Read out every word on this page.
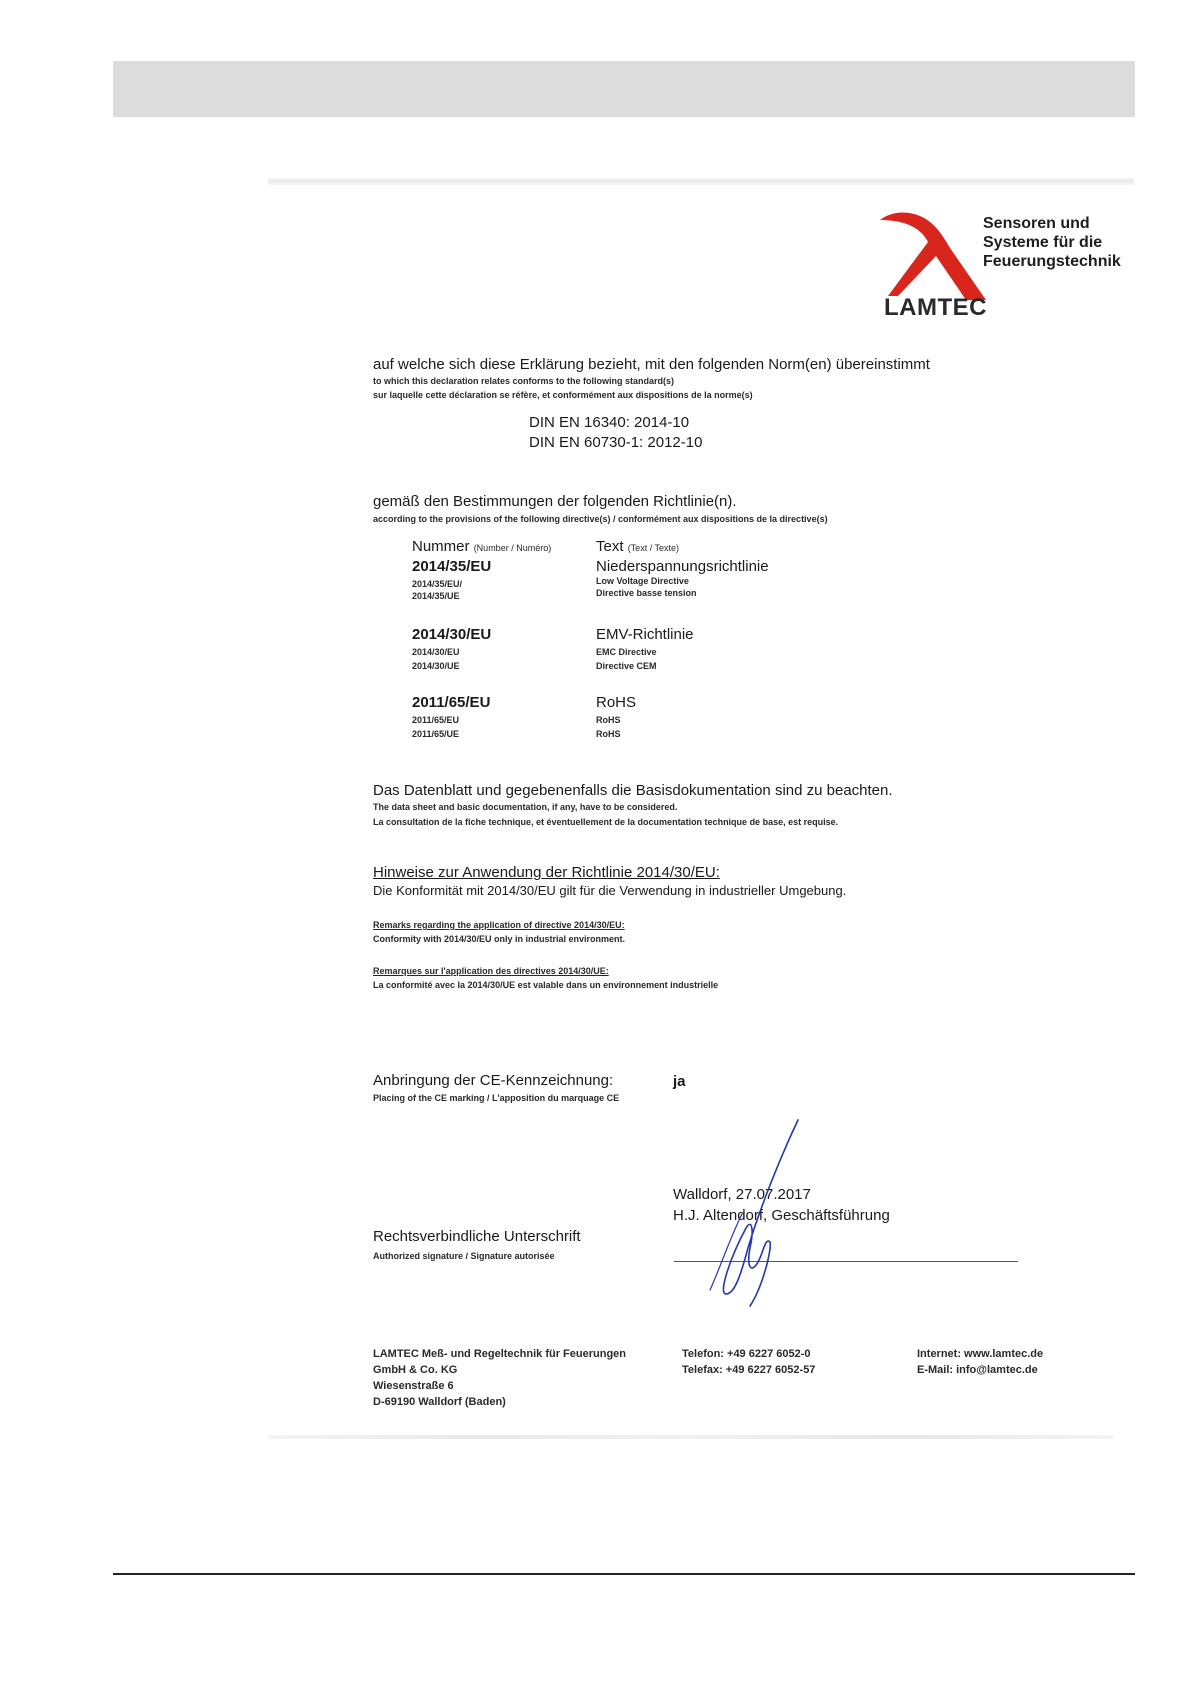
LAMTEC
Sensoren und
Systeme für die
Feuerungstechnik
auf welche sich diese Erklärung bezieht, mit den folgenden Norm(en) übereinstimmt
to which this declaration relates conforms to the following standard(s)
sur laquelle cette déclaration se réfère, et conformément aux dispositions de la norme(s)
DIN EN 16340: 2014-10
DIN EN 60730-1: 2012-10
gemäß den Bestimmungen der folgenden Richtlinie(n).
according to the provisions of the following directive(s) / conformément aux dispositions de la directive(s)
Nummer (Number / Numéro)	Text (Text / Texte)
2014/35/EU
2014/35/EU/
2014/35/UE
Niederspannungsrichtlinie
Low Voltage Directive
Directive basse tension
2014/30/EU
2014/30/EU
2014/30/UE
EMV-Richtlinie
EMC Directive
Directive CEM
2011/65/EU
2011/65/EU
2011/65/UE
RoHS
RoHS
RoHS
Das Datenblatt und gegebenenfalls die Basisdokumentation sind zu beachten.
The data sheet and basic documentation, if any, have to be considered.
La consultation de la fiche technique, et éventuellement de la documentation technique de base, est requise.
Hinweise zur Anwendung der Richtlinie 2014/30/EU:
Die Konformität mit 2014/30/EU gilt für die Verwendung in industrieller Umgebung.
Remarks regarding the application of directive 2014/30/EU:
Conformity with 2014/30/EU only in industrial environment.
Remarques sur l'application des directives 2014/30/UE:
La conformité avec la 2014/30/UE est valable dans un environnement industrielle
Anbringung der CE-Kennzeichnung:
Placing of the CE marking / L'apposition du marquage CE
ja
Walldorf, 27.07.2017
H.J. Altendorf, Geschäftsführung
Rechtsverbindliche Unterschrift
Authorized signature / Signature autorisée
LAMTEC Meß- und Regeltechnik für Feuerungen
GmbH & Co. KG
Wiesenstraße 6
D-69190 Walldorf (Baden)
Telefon: +49 6227 6052-0
Telefax: +49 6227 6052-57
Internet: www.lamtec.de
E-Mail: info@lamtec.de
